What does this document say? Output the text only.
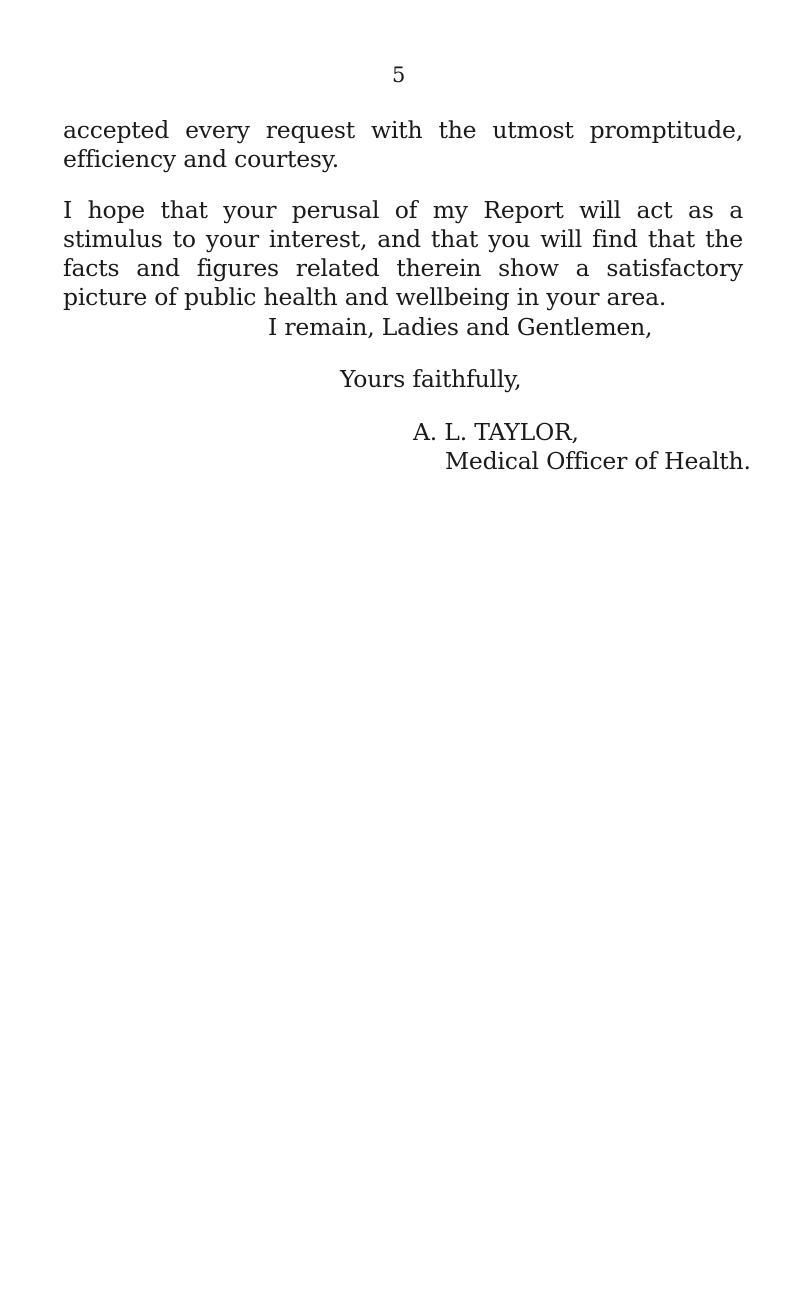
5

accepted every request with the utmost promptitude, efficiency and courtesy.

I hope that your perusal of my Report will act as a stimulus to your interest, and that you will find that the facts and figures related therein show a satisfactory picture of public health and wellbeing in your area.

I remain, Ladies and Gentlemen,
Yours faithfully,
A. L. TAYLOR,
Medical Officer of Health.
